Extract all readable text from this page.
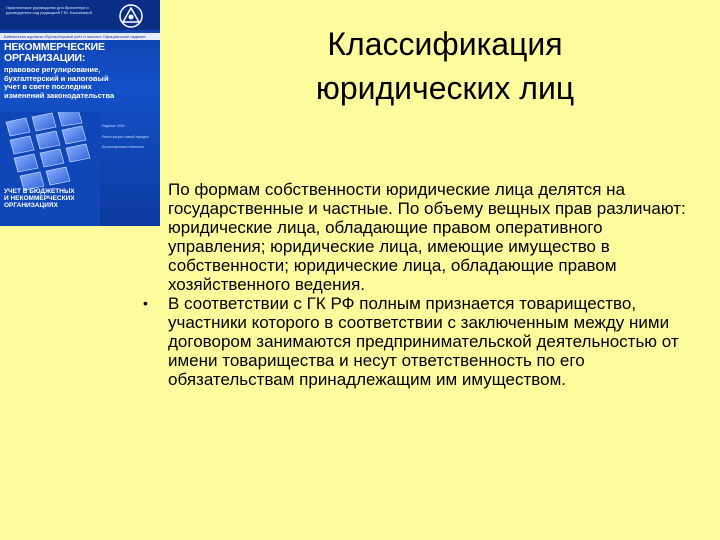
Практическое руководство для бухгалтера и руководителя под редакцией Г.Ю. Касьяновой
Библиотека журнала «Бухгалтерский учёт и налоги» Официальное издание
НЕКОММЕРЧЕСКИЕ
ОРГАНИЗАЦИИ:
правовое регулирование,
бухгалтерский и налоговый
учет в свете последних
изменений законодательства
Издание 2004
Регистрация: новый порядок
Бухгалтерская отчетность
УЧЕТ В БЮДЖЕТНЫХ
И НЕКОММЕРЧЕСКИХ
ОРГАНИЗАЦИЯХ
Классификация
юридических лиц
По формам собственности юридические лица делятся на государственные и частные. По объему вещных прав различают: юридические лица, обладающие правом оперативного управления; юридические лица, имеющие имущество в собственности; юридические лица, обладающие правом хозяйственного ведения.
•	В соответствии с ГК РФ полным признается товарищество, участники которого в соответствии с заключенным между ними договором занимаются предпринимательской деятельностью от имени товарищества и несут ответственность по его обязательствам принадлежащим им имуществом.
